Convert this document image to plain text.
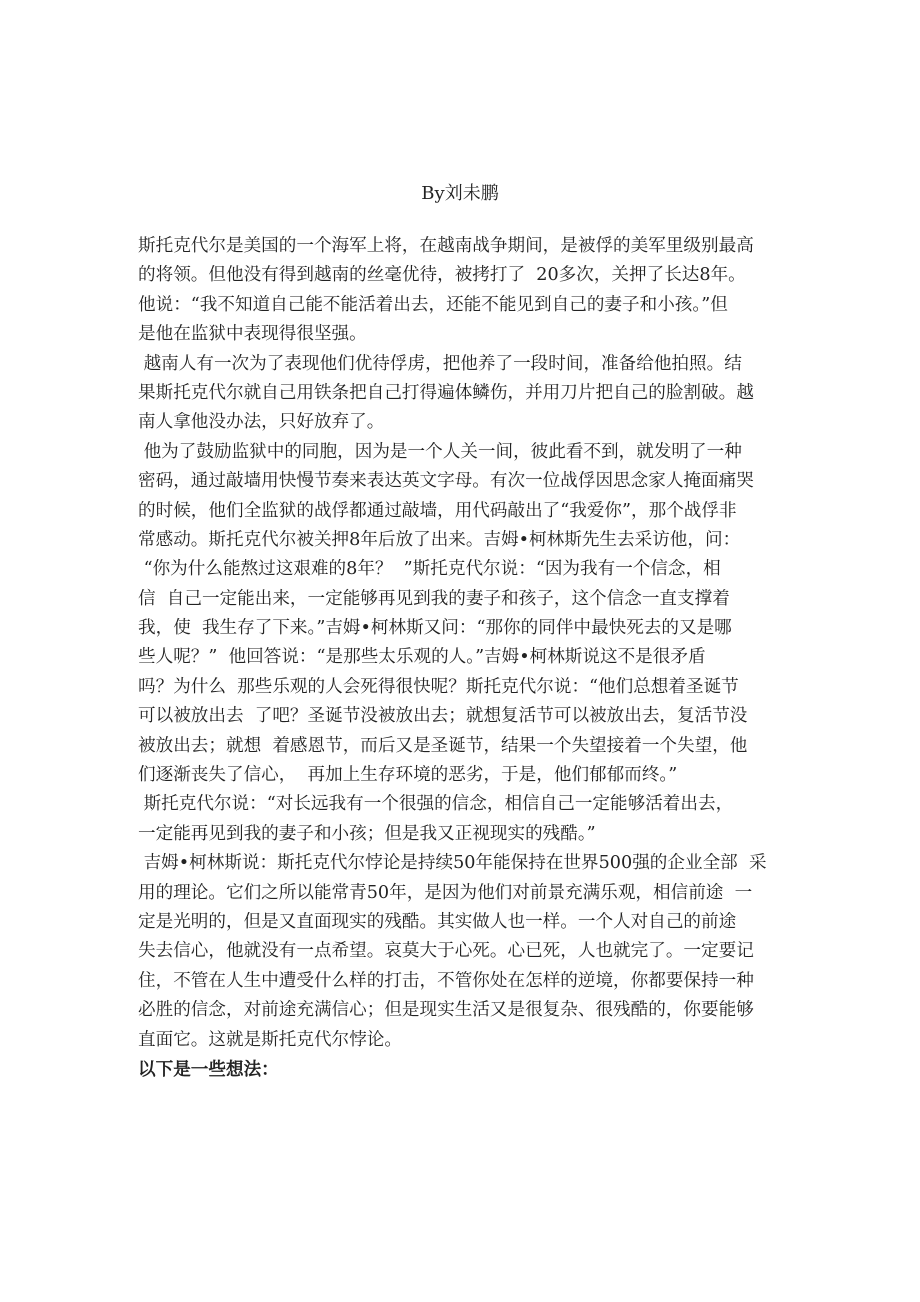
By刘未鹏
斯托克代尔是美国的一个海军上将，在越南战争期间，是被俘的美军里级别最高
的将领。但他没有得到越南的丝毫优待，被拷打了  20多次，关押了长达8年。
他说：“我不知道自己能不能活着出去，还能不能见到自己的妻子和小孩。”但
是他在监狱中表现得很坚强。
越南人有一次为了表现他们优待俘虏，把他养了一段时间，准备给他拍照。结
果斯托克代尔就自己用铁条把自己打得遍体鳞伤，并用刀片把自己的脸割破。越
南人拿他没办法，只好放弃了。
他为了鼓励监狱中的同胞，因为是一个人关一间，彼此看不到，就发明了一种
密码，通过敲墙用快慢节奏来表达英文字母。有次一位战俘因思念家人掩面痛哭
的时候，他们全监狱的战俘都通过敲墙，用代码敲出了“我爱你”，那个战俘非
常感动。斯托克代尔被关押8年后放了出来。吉姆•柯林斯先生去采访他，问：
“你为什么能熬过这艰难的8年？  ”斯托克代尔说：“因为我有一个信念，相
信  自己一定能出来，一定能够再见到我的妻子和孩子，这个信念一直支撑着
我，使  我生存了下来。”吉姆•柯林斯又问：“那你的同伴中最快死去的又是哪
些人呢？”  他回答说：“是那些太乐观的人。”吉姆•柯林斯说这不是很矛盾
吗？为什么  那些乐观的人会死得很快呢？斯托克代尔说：“他们总想着圣诞节
可以被放出去  了吧？圣诞节没被放出去；就想复活节可以被放出去，复活节没
被放出去；就想  着感恩节，而后又是圣诞节，结果一个失望接着一个失望，他
们逐渐丧失了信心，  再加上生存环境的恶劣，于是，他们郁郁而终。”
斯托克代尔说：“对长远我有一个很强的信念，相信自己一定能够活着出去，
一定能再见到我的妻子和小孩；但是我又正视现实的残酷。”
吉姆•柯林斯说：斯托克代尔悖论是持续50年能保持在世界500强的企业全部  采
用的理论。它们之所以能常青50年，是因为他们对前景充满乐观，相信前途  一
定是光明的，但是又直面现实的残酷。其实做人也一样。一个人对自己的前途
失去信心，他就没有一点希望。哀莫大于心死。心已死，人也就完了。一定要记
住，不管在人生中遭受什么样的打击，不管你处在怎样的逆境，你都要保持一种
必胜的信念，对前途充满信心；但是现实生活又是很复杂、很残酷的，你要能够
直面它。这就是斯托克代尔悖论。
以下是一些想法：
